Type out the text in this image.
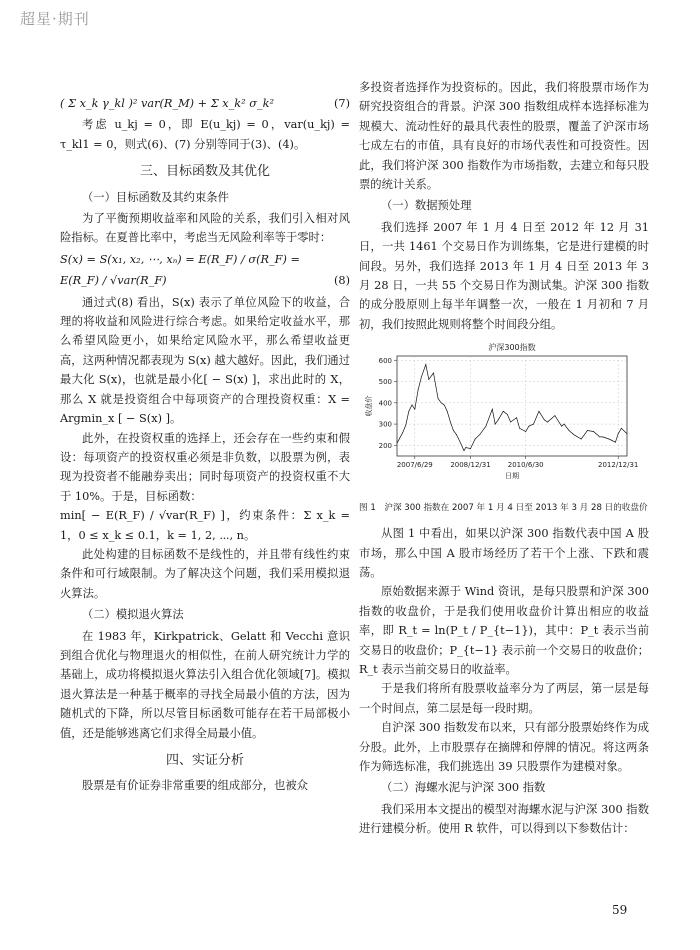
超星·期刊
( Σ x_k γ_kl )² var(R_M) + Σ x_k² σ_k²	(7)

考虑 u_kj = 0，即 E(u_kj) = 0，var(u_kj) = τ_kl1 = 0，则式(6)、(7) 分别等同于(3)、(4)。

三、目标函数及其优化
（一）目标函数及其约束条件

为了平衡预期收益率和风险的关系，我们引入相对风险指标。在夏普比率中，考虑当无风险利率等于零时：

S(x) = S(x₁, x₂, ⋯, xₙ) = E(R_F) / σ(R_F) =
E(R_F) / √var(R_F)	(8)

通过式(8) 看出，S(x) 表示了单位风险下的收益，合理的将收益和风险进行综合考虑。如果给定收益水平，那么希望风险更小，如果给定风险水平，那么希望收益更高，这两种情况都表现为 S(x) 越大越好。因此，我们通过最大化 S(x)，也就是最小化[ − S(x) ]，求出此时的 X，那么 X 就是投资组合中每项资产的合理投资权重：X = Argmin_x [ − S(x) ]。

此外，在投资权重的选择上，还会存在一些约束和假设：每项资产的投资权重必须是非负数，以股票为例，表现为投资者不能融券卖出；同时每项资产的投资权重不大于 10%。于是，目标函数：

min[ − E(R_F) / √var(R_F) ]，约束条件：Σ x_k = 1，0 ≤ x_k ≤ 0.1，k = 1, 2, ⋯, n。

此处构建的目标函数不是线性的，并且带有线性约束条件和可行域限制。为了解决这个问题，我们采用模拟退火算法。

（二）模拟退火算法

在 1983 年，Kirkpatrick、Gelatt 和 Vecchi 意识到组合优化与物理退火的相似性，在前人研究统计力学的基础上，成功将模拟退火算法引入组合优化领域[7]。模拟退火算法是一种基于概率的寻找全局最小值的方法，因为随机式的下降，所以尽管目标函数可能存在若干局部极小值，还是能够逃离它们求得全局最小值。

四、实证分析

股票是有价证券非常重要的组成部分，也被众

多投资者选择作为投资标的。因此，我们将股票市场作为研究投资组合的背景。沪深 300 指数组成样本选择标准为规模大、流动性好的最具代表性的股票，覆盖了沪深市场七成左右的市值，具有良好的市场代表性和可投资性。因此，我们将沪深 300 指数作为市场指数，去建立和每只股票的统计关系。

（一）数据预处理

我们选择 2007 年 1 月 4 日至 2012 年 12 月 31 日，一共 1461 个交易日作为训练集，它是进行建模的时间段。另外，我们选择 2013 年 1 月 4 日至 2013 年 3 月 28 日，一共 55 个交易日作为测试集。沪深 300 指数的成分股原则上每半年调整一次，一般在 1 月初和 7 月初，我们按照此规则将整个时间段分组。

沪深300指数
200
300
400
500
600
2007/6/29	2008/12/31 2010/6/30	2012/12/31
日期
收盘价
图 1　沪深 300 指数在 2007 年 1 月 4 日至 2013 年 3 月 28 日的收盘价

从图 1 中看出，如果以沪深 300 指数代表中国 A 股市场，那么中国 A 股市场经历了若干个上涨、下跌和震荡。

原始数据来源于 Wind 资讯，是每只股票和沪深 300 指数的收盘价，于是我们使用收盘价计算出相应的收益率，即 R_t = ln(P_t / P_{t−1})，其中：P_t 表示当前交易日的收盘价；P_{t−1} 表示前一个交易日的收盘价；R_t 表示当前交易日的收益率。

于是我们将所有股票收益率分为了两层，第一层是每一个时间点，第二层是每一段时期。

自沪深 300 指数发布以来，只有部分股票始终作为成分股。此外，上市股票存在摘牌和停牌的情况。将这两条作为筛选标准，我们挑选出 39 只股票作为建模对象。

（二）海螺水泥与沪深 300 指数

我们采用本文提出的模型对海螺水泥与沪深 300 指数进行建模分析。使用 R 软件，可以得到以下参数估计：

59
